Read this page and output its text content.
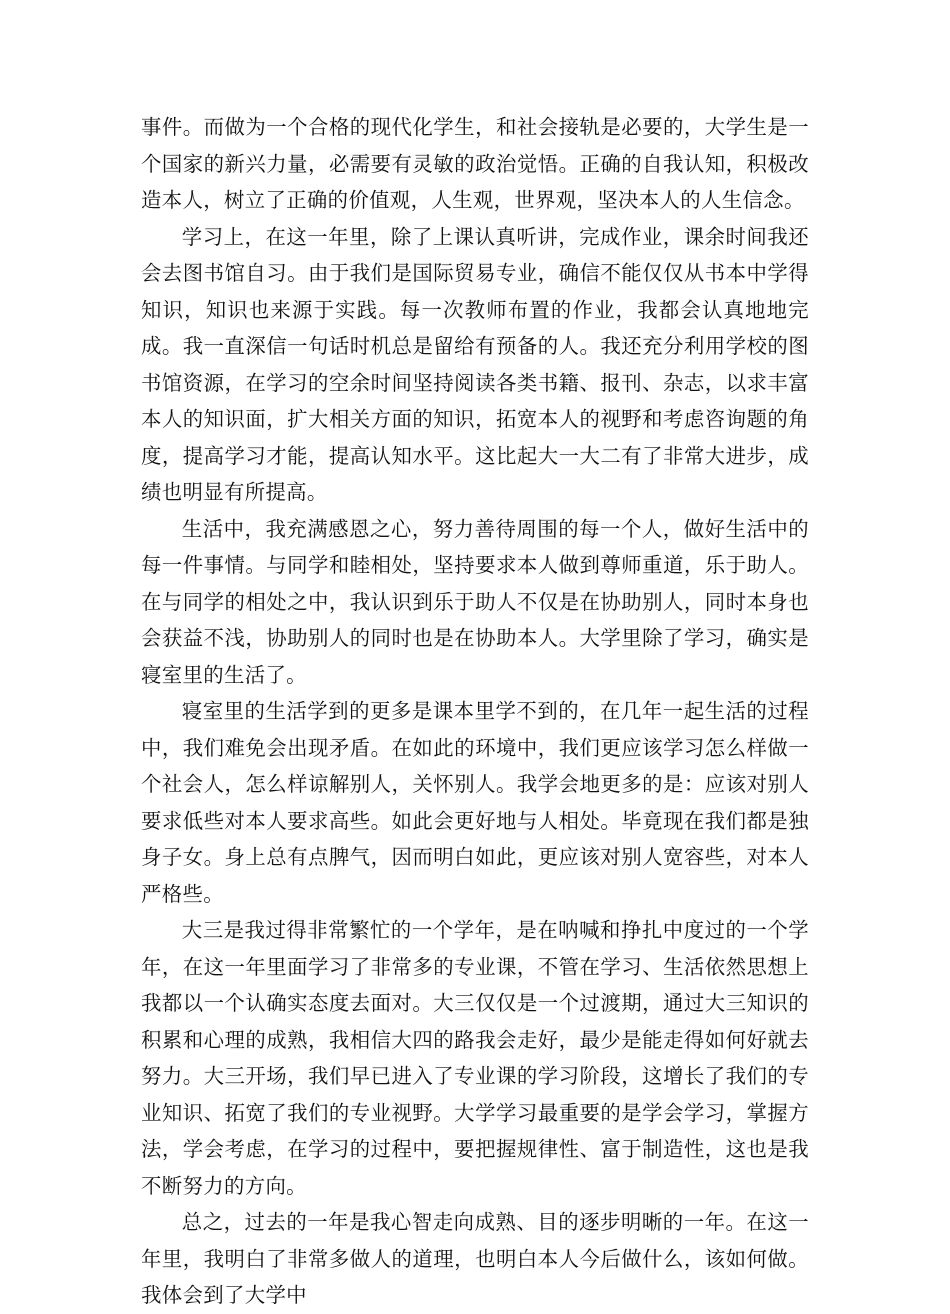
事件。而做为一个合格的现代化学生，和社会接轨是必要的，大学生是一个国家的新兴力量，必需要有灵敏的政治觉悟。正确的自我认知，积极改造本人，树立了正确的价值观，人生观，世界观，坚决本人的人生信念。

学习上，在这一年里，除了上课认真听讲，完成作业，课余时间我还会去图书馆自习。由于我们是国际贸易专业，确信不能仅仅从书本中学得知识，知识也来源于实践。每一次教师布置的作业，我都会认真地地完成。我一直深信一句话时机总是留给有预备的人。我还充分利用学校的图书馆资源，在学习的空余时间坚持阅读各类书籍、报刊、杂志，以求丰富本人的知识面，扩大相关方面的知识，拓宽本人的视野和考虑咨询题的角度，提高学习才能，提高认知水平。这比起大一大二有了非常大进步，成绩也明显有所提高。

生活中，我充满感恩之心，努力善待周围的每一个人，做好生活中的每一件事情。与同学和睦相处，坚持要求本人做到尊师重道，乐于助人。在与同学的相处之中，我认识到乐于助人不仅是在协助别人，同时本身也会获益不浅，协助别人的同时也是在协助本人。大学里除了学习，确实是寝室里的生活了。

寝室里的生活学到的更多是课本里学不到的，在几年一起生活的过程中，我们难免会出现矛盾。在如此的环境中，我们更应该学习怎么样做一个社会人，怎么样谅解别人，关怀别人。我学会地更多的是：应该对别人要求低些对本人要求高些。如此会更好地与人相处。毕竟现在我们都是独身子女。身上总有点脾气，因而明白如此，更应该对别人宽容些，对本人严格些。

大三是我过得非常繁忙的一个学年，是在呐喊和挣扎中度过的一个学年，在这一年里面学习了非常多的专业课，不管在学习、生活依然思想上我都以一个认确实态度去面对。大三仅仅是一个过渡期，通过大三知识的积累和心理的成熟，我相信大四的路我会走好，最少是能走得如何好就去努力。大三开场，我们早已进入了专业课的学习阶段，这增长了我们的专业知识、拓宽了我们的专业视野。大学学习最重要的是学会学习，掌握方法，学会考虑，在学习的过程中，要把握规律性、富于制造性，这也是我不断努力的方向。

总之，过去的一年是我心智走向成熟、目的逐步明晰的一年。在这一年里，我明白了非常多做人的道理，也明白本人今后做什么，该如何做。我体会到了大学中
